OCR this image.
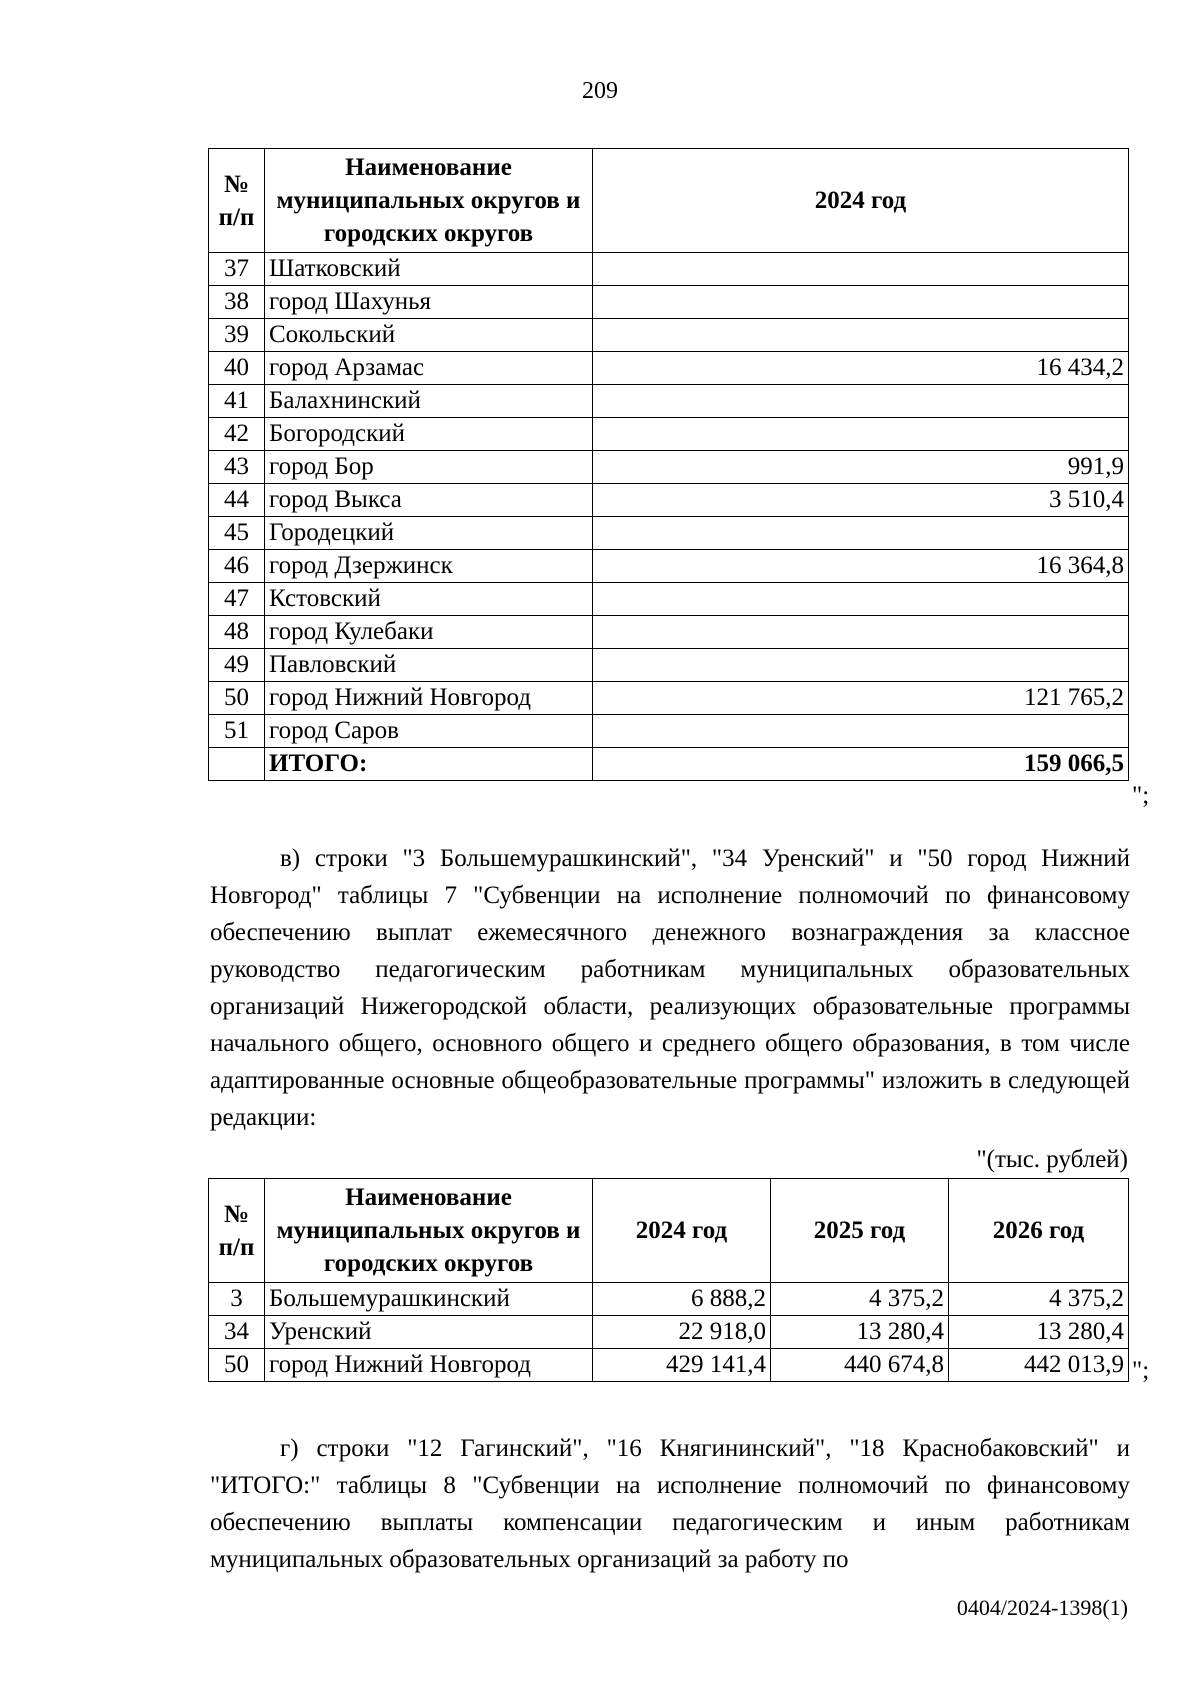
209
№ п/п	Наименование муниципальных округов и городских округов	2024 год
37	Шатковский	
38	город Шахунья	
39	Сокольский	
40	город Арзамас	16 434,2
41	Балахнинский	
42	Богородский	
43	город Бор	991,9
44	город Выкса	3 510,4
45	Городецкий	
46	город Дзержинск	16 364,8
47	Кстовский	
48	город Кулебаки	
49	Павловский	
50	город Нижний Новгород	121 765,2
51	город Саров	
	ИТОГО:	159 066,5
";
в) строки "3 Большемурашкинский", "34 Уренский" и "50 город Нижний Новгород" таблицы 7 "Субвенции на исполнение полномочий по финансовому обеспечению выплат ежемесячного денежного вознаграждения за классное руководство педагогическим работникам муниципальных образовательных организаций Нижегородской области, реализующих образовательные программы начального общего, основного общего и среднего общего образования, в том числе адаптированные основные общеобразовательные программы" изложить в следующей редакции:
"(тыс. рублей)
№ п/п	Наименование муниципальных округов и городских округов	2024 год	2025 год	2026 год
3	Большемурашкинский	6 888,2	4 375,2	4 375,2
34	Уренский	22 918,0	13 280,4	13 280,4
50	город Нижний Новгород	429 141,4	440 674,8	442 013,9 ";
г) строки "12 Гагинский", "16 Княгининский", "18 Краснобаковский" и "ИТОГО:" таблицы 8 "Субвенции на исполнение полномочий по финансовому обеспечению выплаты компенсации педагогическим и иным работникам муниципальных образовательных организаций за работу по
0404/2024-1398(1)
